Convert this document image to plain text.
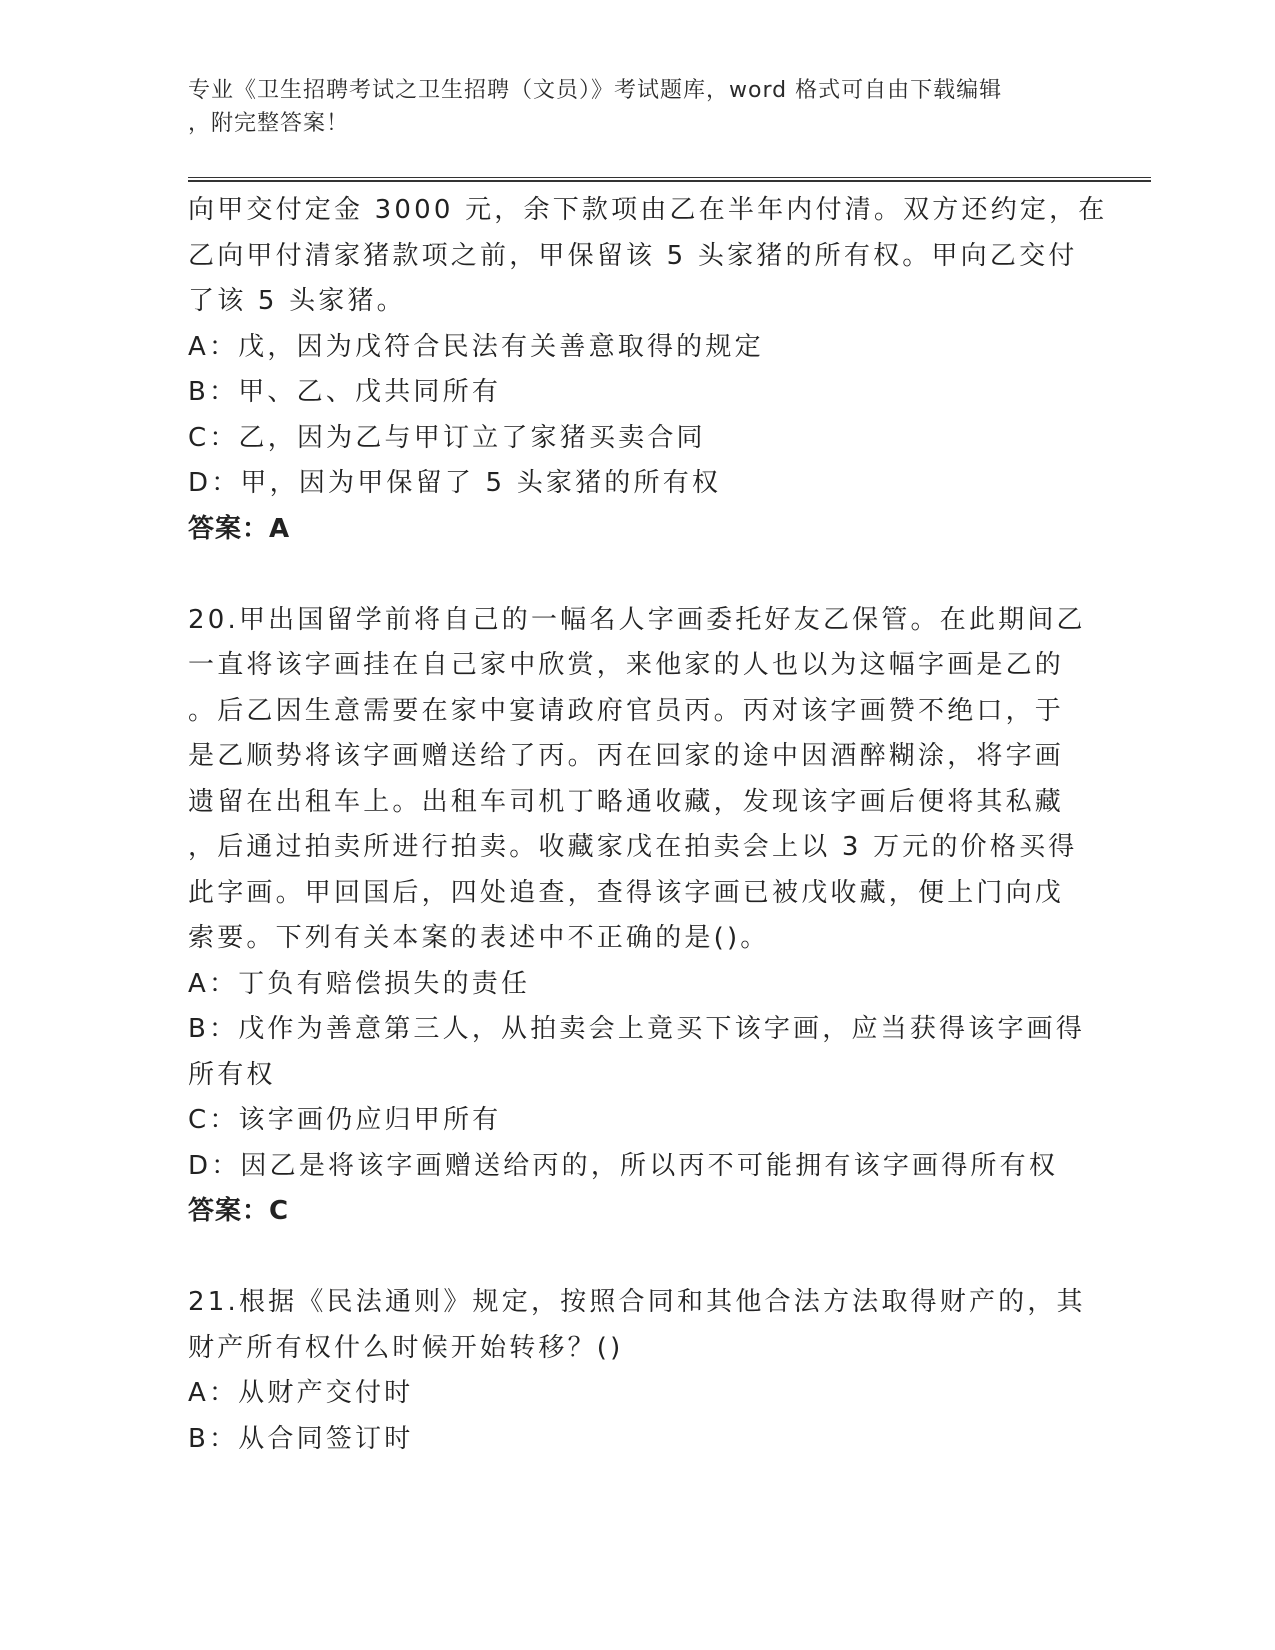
专业《卫生招聘考试之卫生招聘（文员）》考试题库，word 格式可自由下载编辑
，附完整答案！
向甲交付定金 3000 元，余下款项由乙在半年内付清。双方还约定，在
乙向甲付清家猪款项之前，甲保留该 5 头家猪的所有权。甲向乙交付
了该 5 头家猪。
A：戊，因为戊符合民法有关善意取得的规定
B：甲、乙、戊共同所有
C：乙，因为乙与甲订立了家猪买卖合同
D：甲，因为甲保留了 5 头家猪的所有权
答案：A
20.甲出国留学前将自己的一幅名人字画委托好友乙保管。在此期间乙
一直将该字画挂在自己家中欣赏，来他家的人也以为这幅字画是乙的
。后乙因生意需要在家中宴请政府官员丙。丙对该字画赞不绝口，于
是乙顺势将该字画赠送给了丙。丙在回家的途中因酒醉糊涂，将字画
遗留在出租车上。出租车司机丁略通收藏，发现该字画后便将其私藏
，后通过拍卖所进行拍卖。收藏家戊在拍卖会上以 3 万元的价格买得
此字画。甲回国后，四处追查，查得该字画已被戊收藏，便上门向戊
索要。下列有关本案的表述中不正确的是()。
A：丁负有赔偿损失的责任
B：戊作为善意第三人，从拍卖会上竟买下该字画，应当获得该字画得
所有权
C：该字画仍应归甲所有
D：因乙是将该字画赠送给丙的，所以丙不可能拥有该字画得所有权
答案：C
21.根据《民法通则》规定，按照合同和其他合法方法取得财产的，其
财产所有权什么时候开始转移？()
A：从财产交付时
B：从合同签订时
